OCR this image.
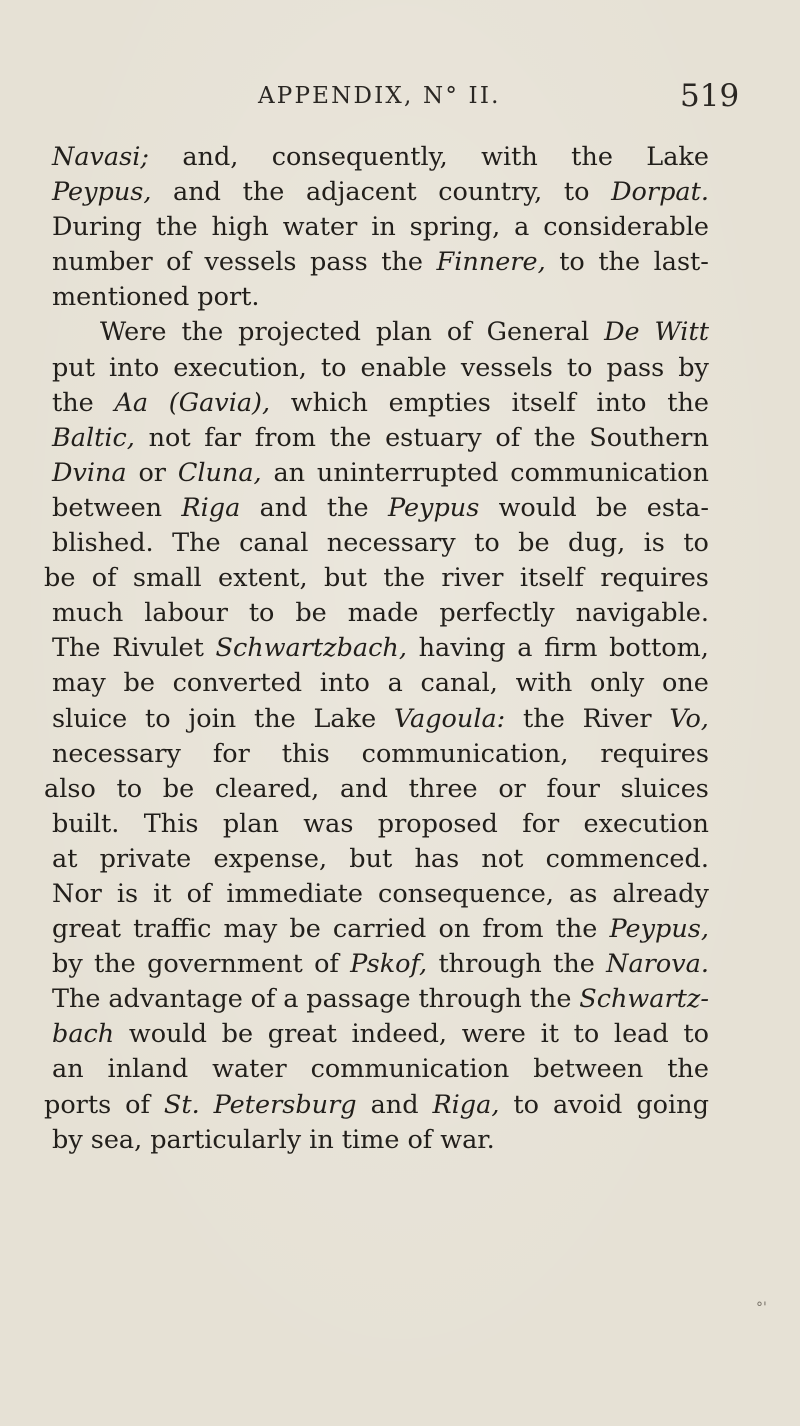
APPENDIX, N° II.	519
Navasi; and, consequently, with the Lake
Peypus, and the adjacent country, to Dorpat.
During the high water in spring, a considerable
number of vessels pass the Finnere, to the last-
mentioned port.
Were the projected plan of General De Witt
put into execution, to enable vessels to pass by
the Aa (Gavia), which empties itself into the
Baltic, not far from the estuary of the Southern
Dvina or Cluna, an uninterrupted communication
between Riga and the Peypus would be esta-
blished. The canal necessary to be dug, is to
be of small extent, but the river itself requires
much labour to be made perfectly navigable.
The Rivulet Schwartzbach, having a firm bottom,
may be converted into a canal, with only one
sluice to join the Lake Vagoula: the River Vo,
necessary for this communication, requires
also to be cleared, and three or four sluices
built. This plan was proposed for execution
at private expense, but has not commenced.
Nor is it of immediate consequence, as already
great traffic may be carried on from the Peypus,
by the government of Pskof, through the Narova.
The advantage of a passage through the Schwartz-
bach would be great indeed, were it to lead to
an inland water communication between the
ports of St. Petersburg and Riga, to avoid going
by sea, particularly in time of war.
°'
